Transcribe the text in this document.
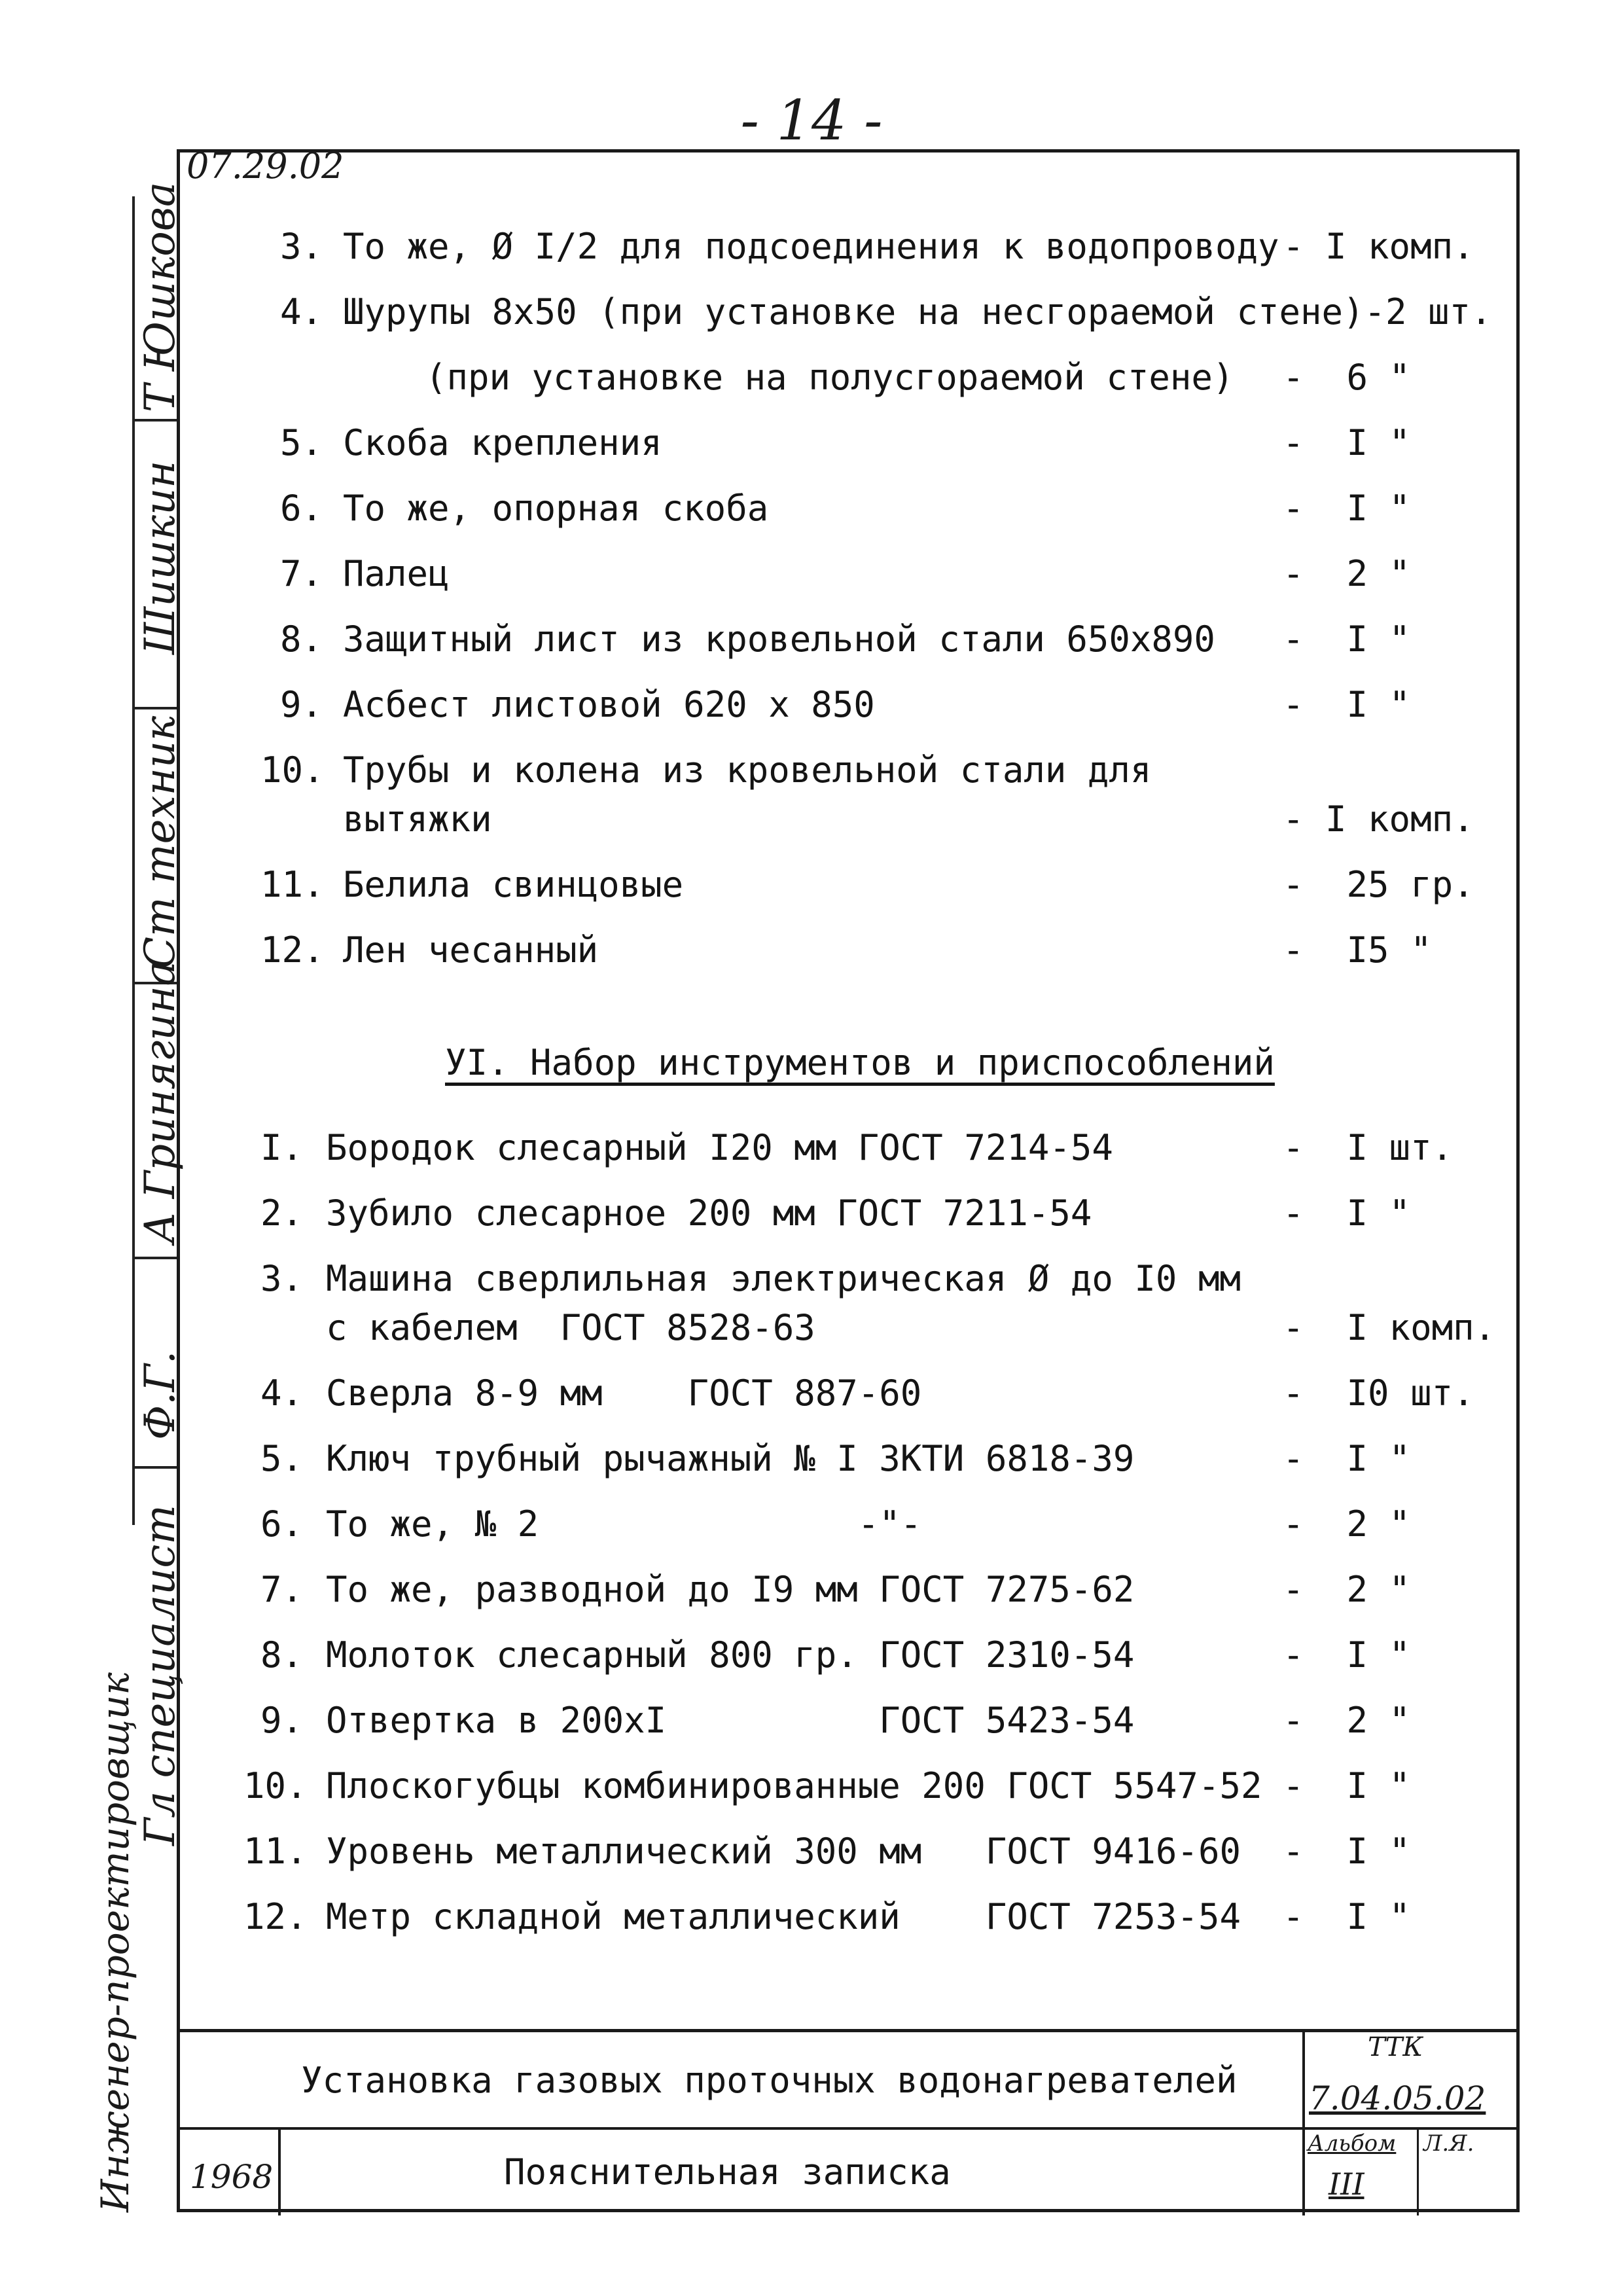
- 14 -
07.29.02
Т Юшкова
Шишкин
Ст техник
А Гринягина
Ф.Г.
Гл специалист
Инженер-проектировщик
3. То же, Ø I/2 для подсоединения к водопроводу - I комп.
4. Шурупы 8x50 (при установке на несгораемой стене)-2 шт.
(при установке на полусгораемой стене) -  6 "
5. Скоба крепления	-  I "
6. То же, опорная скоба	-  I "
7. Палец	-  2 "
8. Защитный лист из кровельной стали 650x890 -  I "
9. Асбест листовой 620 x 850	-  I "
10. Трубы и колена из кровельной стали для
вытяжки	- I комп.
11. Белила свинцовые	-  25 гр.
12. Лен чесанный	-  I5 "
УI. Набор инструментов и приспособлений
I. Бородок слесарный I20 мм ГОСТ 7214-54	-  I шт.
2. Зубило слесарное 200 мм ГОСТ 7211-54	-  I "
3. Машина сверлильная электрическая Ø до I0 мм
с кабелем  ГОСТ 8528-63	-  I комп.
4. Сверла 8-9 мм    ГОСТ 887-60	-  I0 шт.
5. Ключ трубный рычажный № I ЗКТИ 6818-39	-  I "
6. То же, № 2               -"-	-  2 "
7. То же, разводной до I9 мм ГОСТ 7275-62	-  2 "
8. Молоток слесарный 800 гр. ГОСТ 2310-54	-  I "
9. Отвертка в 200xI          ГОСТ 5423-54	-  2 "
10. Плоскогубцы комбинированные 200 ГОСТ 5547-52 -  I "
11. Уровень металлический 300 мм   ГОСТ 9416-60 -  I "
12. Метр складной металлический    ГОСТ 7253-54 -  I "
Установка газовых проточных водонагревателей
Пояснительная записка
1968
ТТК
7.04.05.02
Альбом Л.Я.
III
